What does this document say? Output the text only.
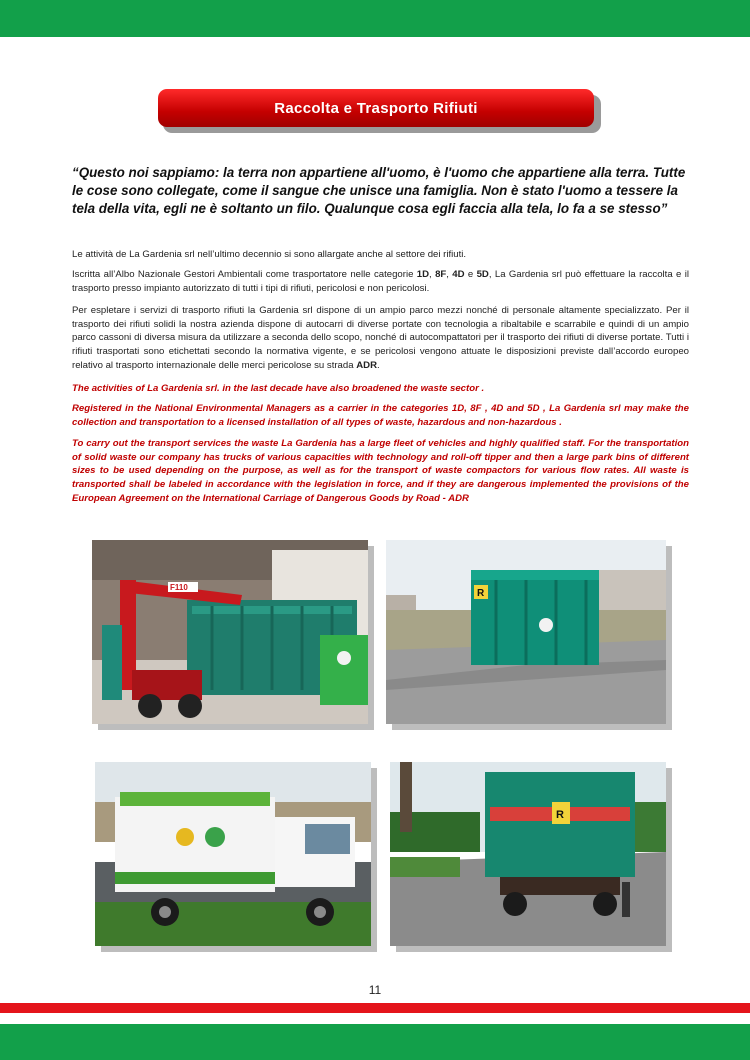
Raccolta e Trasporto Rifiuti
“Questo noi sappiamo: la terra non appartiene all'uomo, è l'uomo che appartiene alla terra. Tutte le cose sono collegate, come il sangue che unisce una famiglia. Non è stato l'uomo a tessere la tela della vita, egli ne è soltanto un filo. Qualunque cosa egli faccia alla tela, lo fa a se stesso”
Le attività de La Gardenia srl nell’ultimo decennio si sono allargate anche al settore dei rifiuti.
Iscritta all’Albo Nazionale Gestori Ambientali come trasportatore nelle categorie 1D, 8F, 4D e 5D, La Gardenia srl può effettuare la raccolta e il trasporto presso impianto autorizzato di tutti i tipi di rifiuti, pericolosi e non pericolosi.
Per espletare i servizi di trasporto rifiuti la Gardenia srl dispone di un ampio parco mezzi nonché di personale altamente specializzato. Per il trasporto dei rifiuti solidi la nostra azienda dispone di autocarri di diverse portate con tecnologia a ribaltabile e scarrabile e quindi di un ampio parco cassoni di diversa misura da utilizzare a seconda dello scopo, nonché di autocompattatori per il trasporto dei rifiuti di diverse portate. Tutti i rifiuti trasportati sono etichettati secondo la normativa vigente, e se pericolosi vengono attuate le disposizioni previste dall’accordo europeo relativo al trasporto internazionale delle merci pericolose su strada ADR.
The activities of La Gardenia srl. in the last decade have also broadened the waste sector .
Registered in the National Environmental Managers as a carrier in the categories 1D, 8F , 4D and 5D , La Gardenia srl may make the collection and transportation to a licensed installation of all types of waste, hazardous and non-hazardous .
To carry out the transport services the waste La Gardenia has a large fleet of vehicles and highly qualified staff. For the transportation of solid waste our company has trucks of various capacities with technology and roll-off tipper and then a large park bins of different sizes to be used depending on the purpose, as well as for the transport of waste compactors for various flow rates. All waste is transported shall be labeled in accordance with the legislation in force, and if they are dangerous implemented the provisions of the European Agreement on the International Carriage of Dangerous Goods by Road - ADR
F110
R
R
11
